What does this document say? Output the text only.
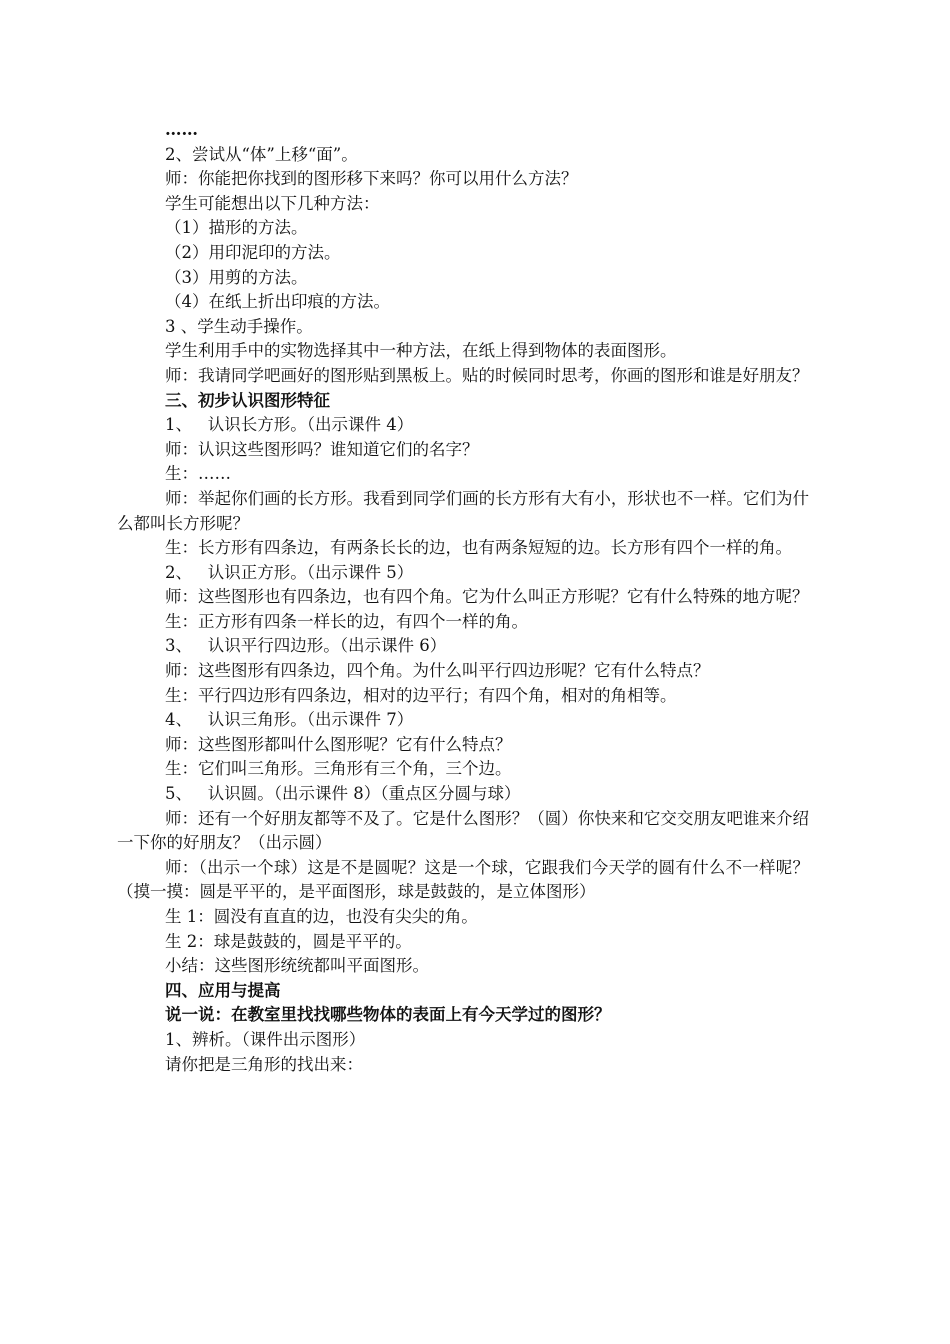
……
2、尝试从“体”上移“面”。
师：你能把你找到的图形移下来吗？你可以用什么方法？
学生可能想出以下几种方法：
（1）描形的方法。
（2）用印泥印的方法。
（3）用剪的方法。
（4）在纸上折出印痕的方法。
3 、学生动手操作。
学生利用手中的实物选择其中一种方法，在纸上得到物体的表面图形。
师：我请同学吧画好的图形贴到黑板上。贴的时候同时思考，你画的图形和谁是好朋友？
三、初步认识图形特征
1、   认识长方形。（出示课件 4）
师：认识这些图形吗？谁知道它们的名字？
生：……
师：举起你们画的长方形。我看到同学们画的长方形有大有小，形状也不一样。它们为什么都叫长方形呢？
生：长方形有四条边，有两条长长的边，也有两条短短的边。长方形有四个一样的角。
2、   认识正方形。（出示课件 5）
师：这些图形也有四条边，也有四个角。它为什么叫正方形呢？它有什么特殊的地方呢？
生：正方形有四条一样长的边，有四个一样的角。
3、   认识平行四边形。（出示课件 6）
师：这些图形有四条边，四个角。为什么叫平行四边形呢？它有什么特点？
生：平行四边形有四条边，相对的边平行；有四个角，相对的角相等。
4、   认识三角形。（出示课件 7）
师：这些图形都叫什么图形呢？它有什么特点？
生：它们叫三角形。三角形有三个角，三个边。
5、   认识圆。（出示课件 8）（重点区分圆与球）
师：还有一个好朋友都等不及了。它是什么图形？（圆）你快来和它交交朋友吧谁来介绍一下你的好朋友？（出示圆）
师：（出示一个球）这是不是圆呢？这是一个球，它跟我们今天学的圆有什么不一样呢？（摸一摸：圆是平平的，是平面图形，球是鼓鼓的，是立体图形）
生 1：圆没有直直的边，也没有尖尖的角。
生 2：球是鼓鼓的，圆是平平的。
小结：这些图形统统都叫平面图形。
四、应用与提高
说一说：在教室里找找哪些物体的表面上有今天学过的图形？
1、辨析。（课件出示图形）
请你把是三角形的找出来：
